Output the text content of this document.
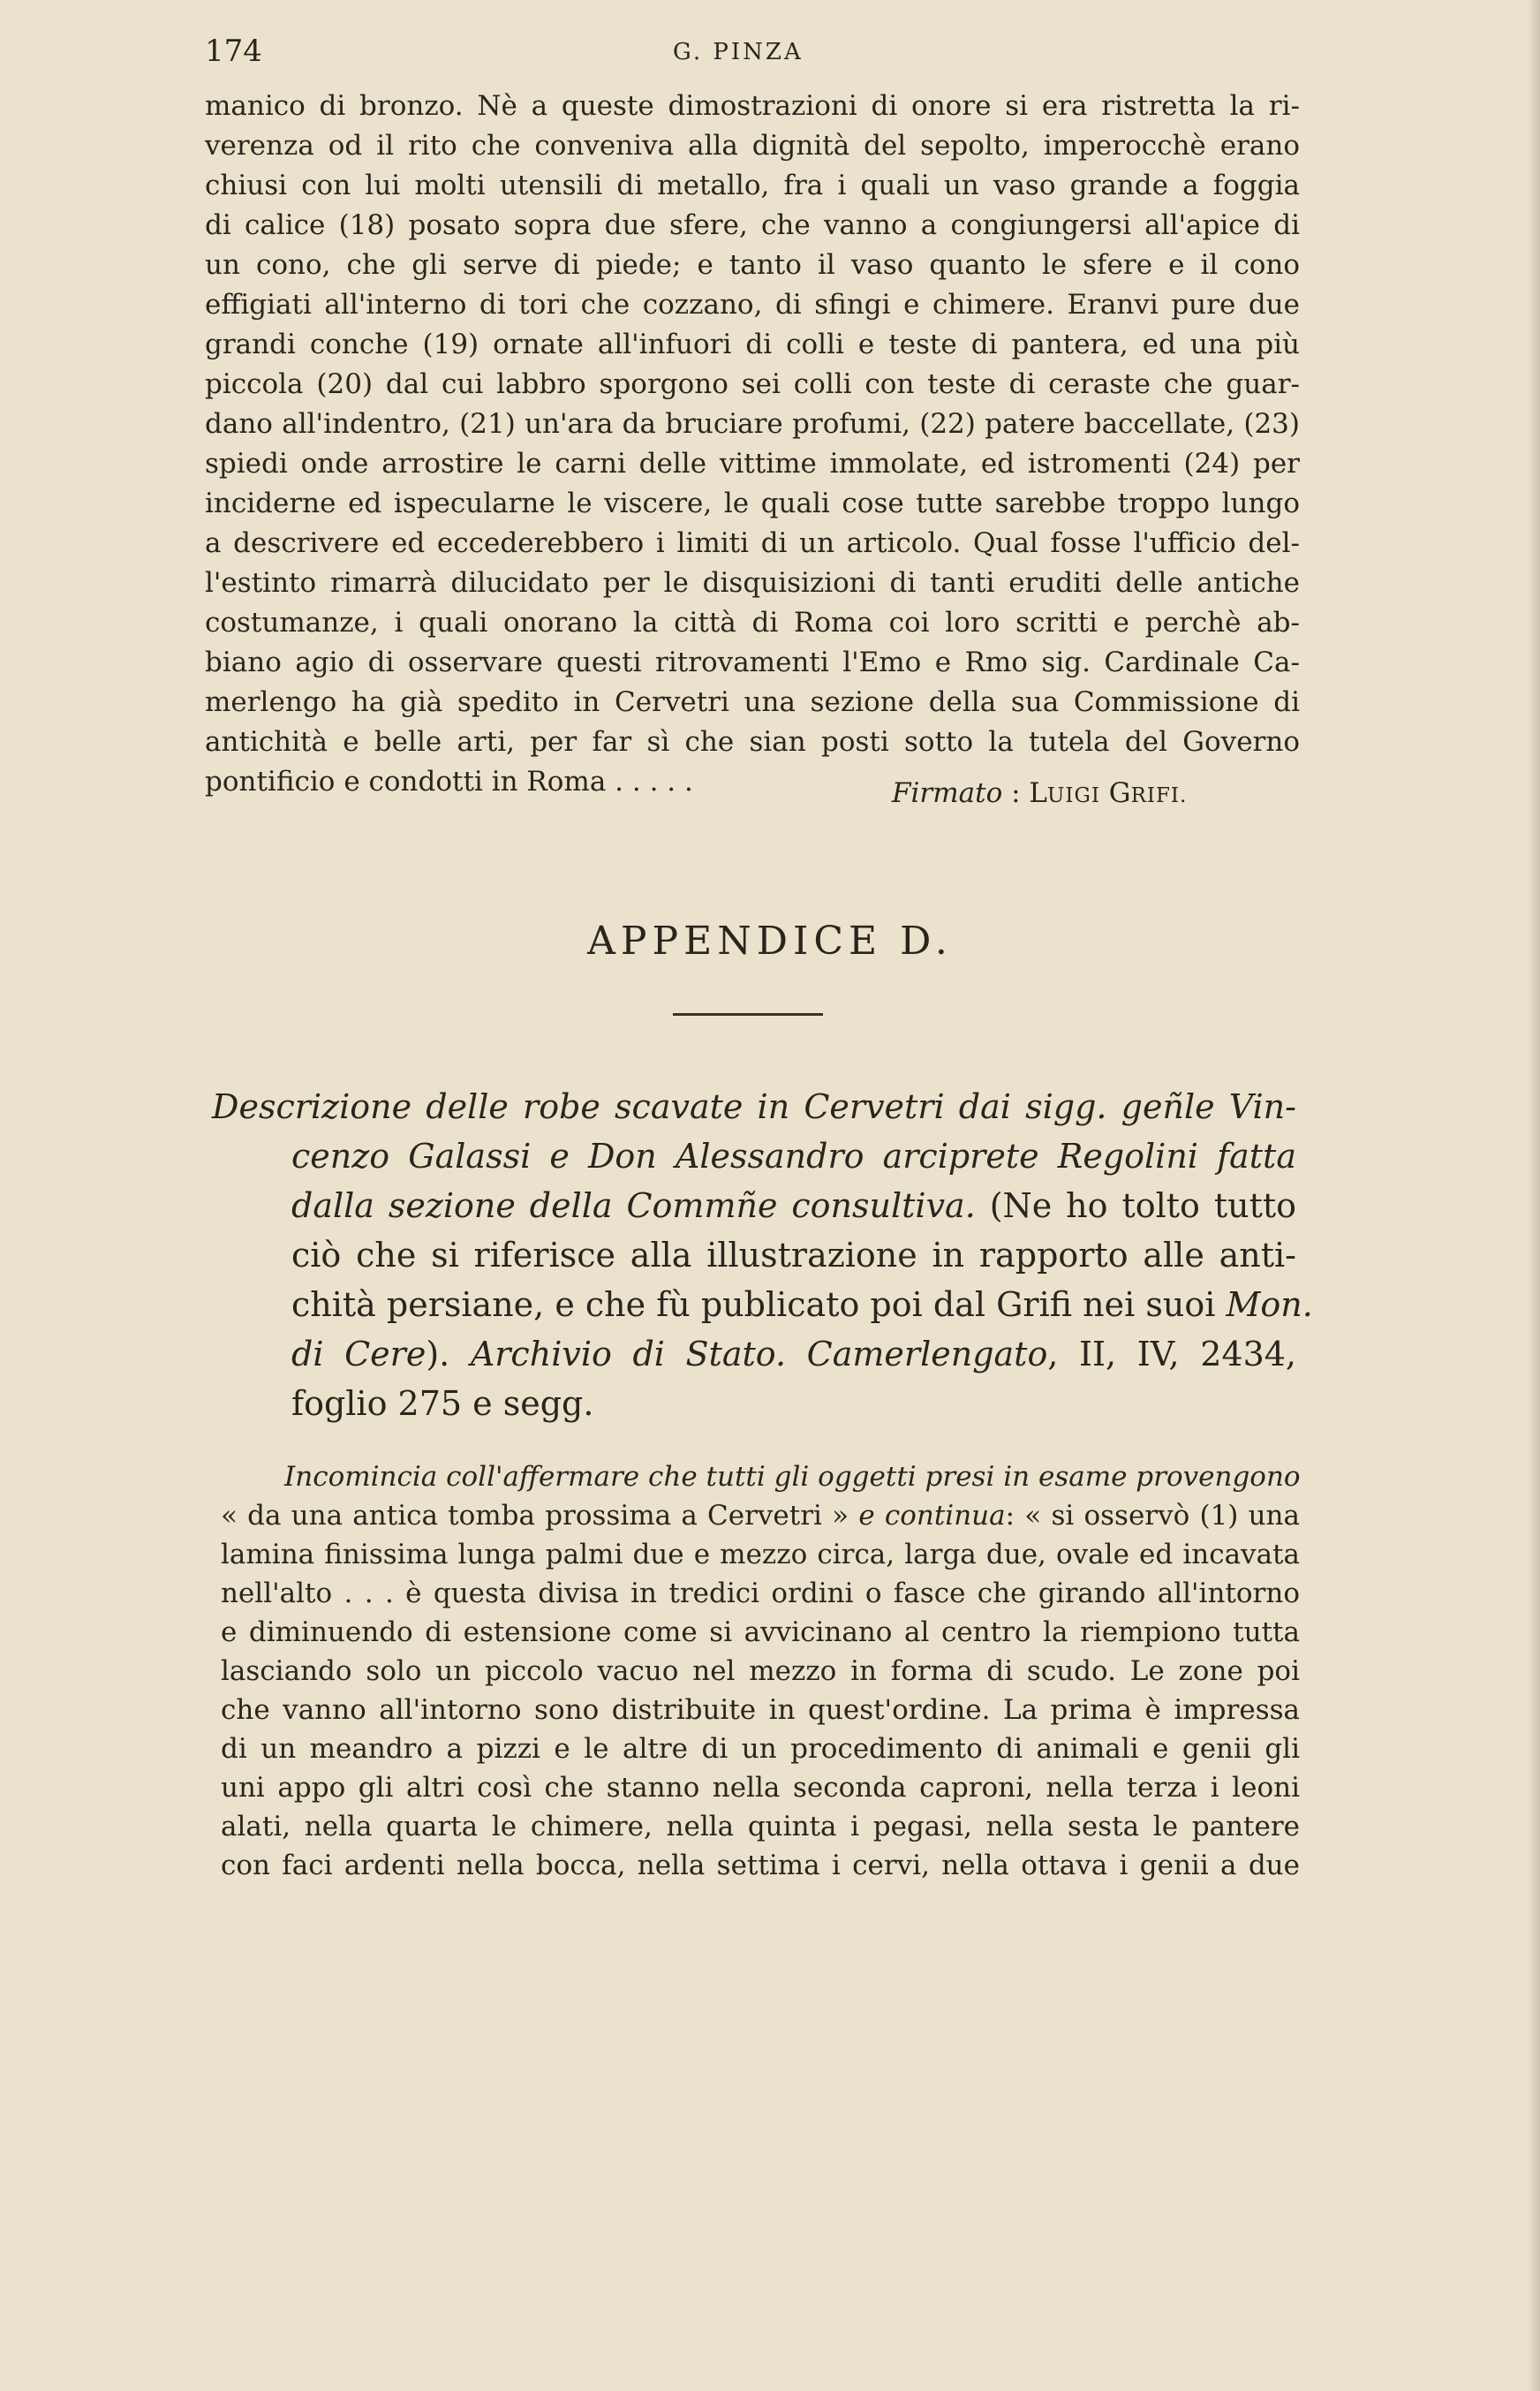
174	G. PINZA
manico di bronzo. Nè a queste dimostrazioni di onore si era ristretta la ri-
verenza od il rito che conveniva alla dignità del sepolto, imperocchè erano
chiusi con lui molti utensili di metallo, fra i quali un vaso grande a foggia
di calice (18) posato sopra due sfere, che vanno a congiungersi all'apice di
un cono, che gli serve di piede; e tanto il vaso quanto le sfere e il cono
effigiati all'interno di tori che cozzano, di sfingi e chimere. Eranvi pure due
grandi conche (19) ornate all'infuori di colli e teste di pantera, ed una più
piccola (20) dal cui labbro sporgono sei colli con teste di ceraste che guar-
dano all'indentro, (21) un'ara da bruciare profumi, (22) patere baccellate, (23)
spiedi onde arrostire le carni delle vittime immolate, ed istromenti (24) per
inciderne ed ispecularne le viscere, le quali cose tutte sarebbe troppo lungo
a descrivere ed eccederebbero i limiti di un articolo. Qual fosse l'ufficio del-
l'estinto rimarrà dilucidato per le disquisizioni di tanti eruditi delle antiche
costumanze, i quali onorano la città di Roma coi loro scritti e perchè ab-
biano agio di osservare questi ritrovamenti l'Emo e Rmo sig. Cardinale Ca-
merlengo ha già spedito in Cervetri una sezione della sua Commissione di
antichità e belle arti, per far sì che sian posti sotto la tutela del Governo
pontificio e condotti in Roma . . . . .	Firmato : LUIGI GRIFI.
APPENDICE D.
Descrizione delle robe scavate in Cervetri dai sigg. geñle Vin-
cenzo Galassi e Don Alessandro arciprete Regolini fatta
dalla sezione della Commñe consultiva. (Ne ho tolto tutto
ciò che si riferisce alla illustrazione in rapporto alle anti-
chità persiane, e che fù publicato poi dal Grifi nei suoi Mon.
di Cere). Archivio di Stato. Camerlengato, II, IV, 2434,
foglio 275 e segg.
Incomincia coll'affermare che tutti gli oggetti presi in esame provengono
« da una antica tomba prossima a Cervetri » e continua: « si osservò (1) una
lamina finissima lunga palmi due e mezzo circa, larga due, ovale ed incavata
nell'alto . . . è questa divisa in tredici ordini o fasce che girando all'intorno
e diminuendo di estensione come si avvicinano al centro la riempiono tutta
lasciando solo un piccolo vacuo nel mezzo in forma di scudo. Le zone poi
che vanno all'intorno sono distribuite in quest'ordine. La prima è impressa
di un meandro a pizzi e le altre di un procedimento di animali e genii gli
uni appo gli altri così che stanno nella seconda caproni, nella terza i leoni
alati, nella quarta le chimere, nella quinta i pegasi, nella sesta le pantere
con faci ardenti nella bocca, nella settima i cervi, nella ottava i genii a due
